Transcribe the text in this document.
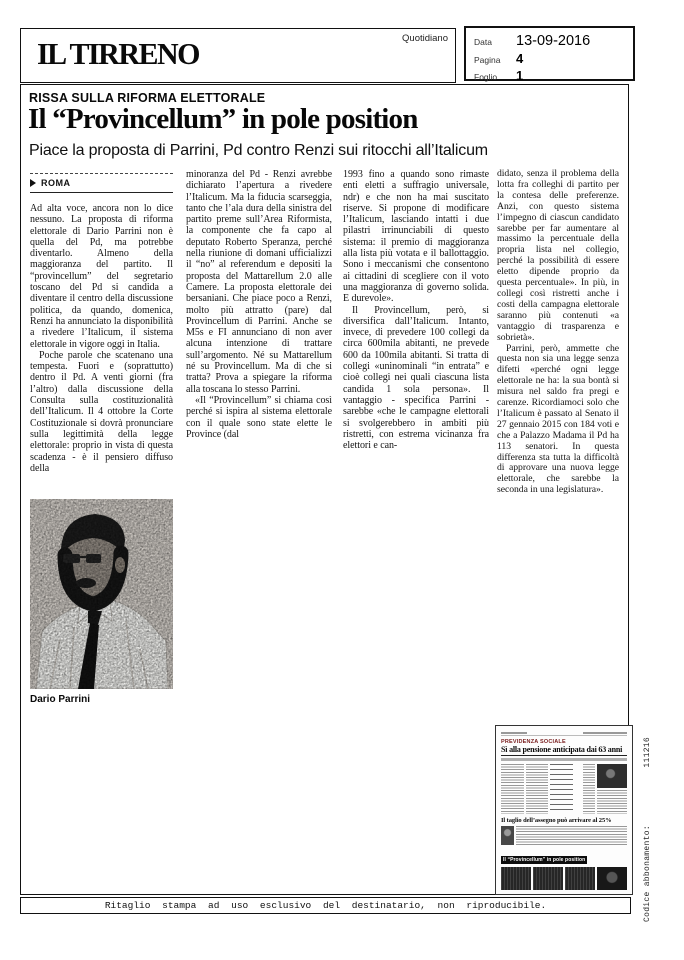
IL TIRRENO	Quotidiano	Data	13-09-2016
Pagina	4
Foglio	1
RISSA SULLA RIFORMA ELETTORALE
Il “Provincellum” in pole position
Piace la proposta di Parrini, Pd contro Renzi sui ritocchi all’Italicum
ROMA

Ad alta voce, ancora non lo dice nessuno. La proposta di riforma elettorale di Dario Parrini non è quella del Pd, ma potrebbe diventarlo. Almeno della maggioranza del partito. Il “provincellum” del segretario toscano del Pd si candida a diventare il centro della discussione politica, da quando, domenica, Renzi ha annunciato la disponibilità a rivedere l’Italicum, il sistema elettorale in vigore oggi in Italia.

Poche parole che scatenano una tempesta. Fuori e (soprattutto) dentro il Pd. A venti giorni (fra l’altro) dalla discussione della Consulta sulla costituzionalità dell’Italicum. Il 4 ottobre la Corte Costituzionale si dovrà pronunciare sulla legittimità della legge elettorale: proprio in vista di questa scadenza - è il pensiero diffuso della

minoranza del Pd - Renzi avrebbe dichiarato l’apertura a rivedere l’Italicum. Ma la fiducia scarseggia, tanto che l’ala dura della sinistra del partito preme sull’Area Riformista, la componente che fa capo al deputato Roberto Speranza, perché nella riunione di domani ufficializzi il “no” al referendum e depositi la proposta del Mattarellum 2.0 alle Camere. La proposta elettorale dei bersaniani. Che piace poco a Renzi, molto più attratto (pare) dal Provincellum di Parrini. Anche se M5s e FI annunciano di non aver alcuna intenzione di trattare sull’argomento. Né su Mattarellum né su Provincellum. Ma di che si tratta? Prova a spiegare la riforma alla toscana lo stesso Parrini.

«Il “Provincellum” si chiama così perché si ispira al sistema elettorale con il quale sono state elette le Province (dal

1993 fino a quando sono rimaste enti eletti a suffragio universale, ndr) e che non ha mai suscitato riserve. Si propone di modificare l’Italicum, lasciando intatti i due pilastri irrinunciabili di questo sistema: il premio di maggioranza alla lista più votata e il ballottaggio. Sono i meccanismi che consentono ai cittadini di scegliere con il voto una maggioranza di governo solida. E durevole».

Il Provincellum, però, si diversifica dall’Italicum. Intanto, invece, di prevedere 100 collegi da circa 600mila abitanti, ne prevede 600 da 100mila abitanti. Si tratta di collegi «uninominali “in entrata” e cioè collegi nei quali ciascuna lista candida 1 sola persona». Il vantaggio - specifica Parrini - sarebbe «che le campagne elettorali si svolgerebbero in ambiti più ristretti, con estrema vicinanza fra elettori e can-

didato, senza il problema della lotta fra colleghi di partito per la contesa delle preferenze. Anzi, con questo sistema l’impegno di ciascun candidato sarebbe per far aumentare al massimo la percentuale della propria lista nel collegio, perché la possibilità di essere eletto dipende proprio da questa percentuale». In più, in collegi così ristretti anche i costi della campagna elettorale saranno più contenuti «a vantaggio di trasparenza e sobrietà».

Parrini, però, ammette che questa non sia una legge senza difetti «perché ogni legge elettorale ne ha: la sua bontà si misura nel saldo fra pregi e carenze. Ricordiamoci solo che l’Italicum è passato al Senato il 27 gennaio 2015 con 184 voti e che a Palazzo Madama il Pd ha 113 senatori. In questa differenza sta tutta la difficoltà di approvare una nuova legge elettorale, che sarebbe la seconda in una legislatura».

Dario Parrini
PREVIDENZA SOCIALE
Sì alla pensione anticipata dai 63 anni
Il taglio dell’assegno può arrivare al 25%
Il “Provincellum” in pole position
Ritaglio stampa ad uso esclusivo del destinatario, non riproducibile.	Codice abbonamento:
111216
